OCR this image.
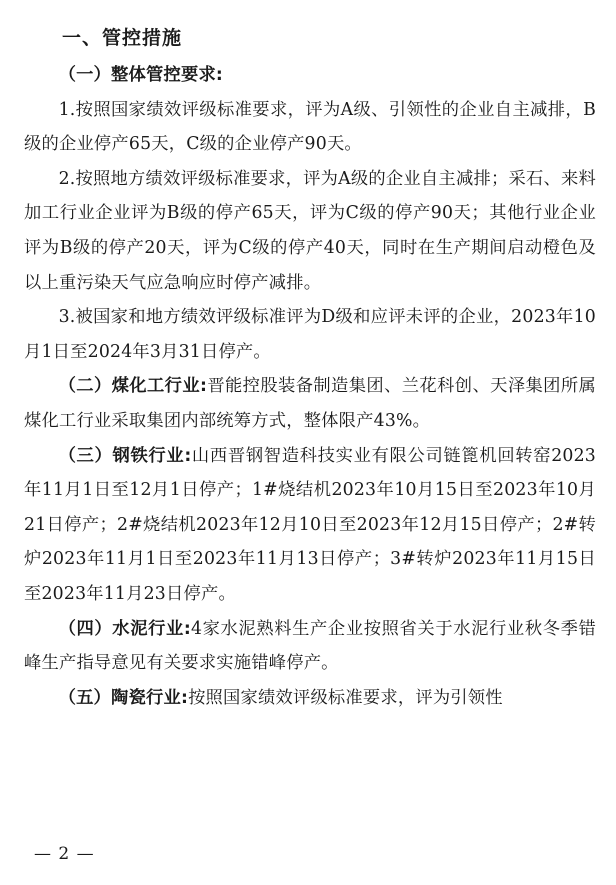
一、管控措施

（一）整体管控要求:

1.按照国家绩效评级标准要求，评为A级、引领性的企业自主减排，B级的企业停产65天，C级的企业停产90天。

2.按照地方绩效评级标准要求，评为A级的企业自主减排；采石、来料加工行业企业评为B级的停产65天，评为C级的停产90天；其他行业企业评为B级的停产20天，评为C级的停产40天，同时在生产期间启动橙色及以上重污染天气应急响应时停产减排。

3.被国家和地方绩效评级标准评为D级和应评未评的企业，2023年10月1日至2024年3月31日停产。

（二）煤化工行业:晋能控股装备制造集团、兰花科创、天泽集团所属煤化工行业采取集团内部统筹方式，整体限产43%。

（三）钢铁行业:山西晋钢智造科技实业有限公司链篦机回转窑2023年11月1日至12月1日停产；1#烧结机2023年10月15日至2023年10月21日停产；2#烧结机2023年12月10日至2023年12月15日停产；2#转炉2023年11月1日至2023年11月13日停产；3#转炉2023年11月15日至2023年11月23日停产。

（四）水泥行业:4家水泥熟料生产企业按照省关于水泥行业秋冬季错峰生产指导意见有关要求实施错峰停产。

（五）陶瓷行业:按照国家绩效评级标准要求，评为引领性

— 2 —
